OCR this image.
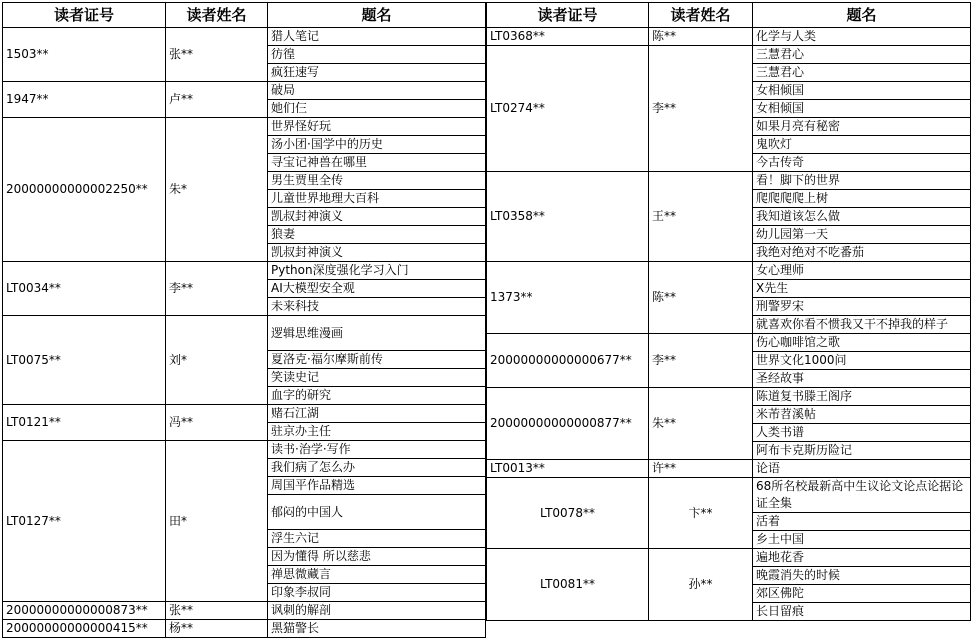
读者证号	读者姓名	题名
1503**	张**	猎人笔记
		彷徨
		疯狂速写
1947**	卢**	破局
		她们仨
20000000000002250**	朱*	世界怪好玩
		汤小团·国学中的历史
		寻宝记神兽在哪里
		男生贾里全传
		儿童世界地理大百科
		凯叔封神演义
		狼妻
		凯叔封神演义
LT0034**	李**	Python深度强化学习入门
		AI大模型安全观
		未来科技
LT0075**	刘*	逻辑思维漫画
		夏洛克·福尔摩斯前传
		笑读史记
		血字的研究
LT0121**	冯**	赌石江湖
		驻京办主任
LT0127**	田*	读书·治学·写作
		我们病了怎么办
		周国平作品精选
		郁闷的中国人
		浮生六记
		因为懂得 所以慈悲
		禅思微藏言
		印象李叔同
20000000000000873**	张**	讽刺的解剖
20000000000000415**	杨**	黑猫警长
读者证号	读者姓名	题名
LT0368**	陈**	化学与人类
LT0274**	李**	三慧君心
		三慧君心
		女相倾国
		女相倾国
		如果月亮有秘密
		鬼吹灯
		今古传奇
LT0358**	王**	看！脚下的世界
		爬爬爬爬上树
		我知道该怎么做
		幼儿园第一天
		我绝对绝对不吃番茄
1373**	陈**	女心理师
		X先生
		刑警罗宋
		就喜欢你看不惯我又干不掉我的样子
20000000000000677**	李**	伤心咖啡馆之歌
		世界文化1000问
		圣经故事
20000000000000877**	朱**	陈道复书滕王阁序
		米芾苕溪帖
		人类书谱
		阿布卡克斯历险记
LT0013**	许**	论语
LT0078**	卞**	68所名校最新高中生议论文论点论据论证全集
		活着
		乡土中国
LT0081**	孙**	遍地花香
		晚霞消失的时候
		郊区佛陀
		长日留痕
